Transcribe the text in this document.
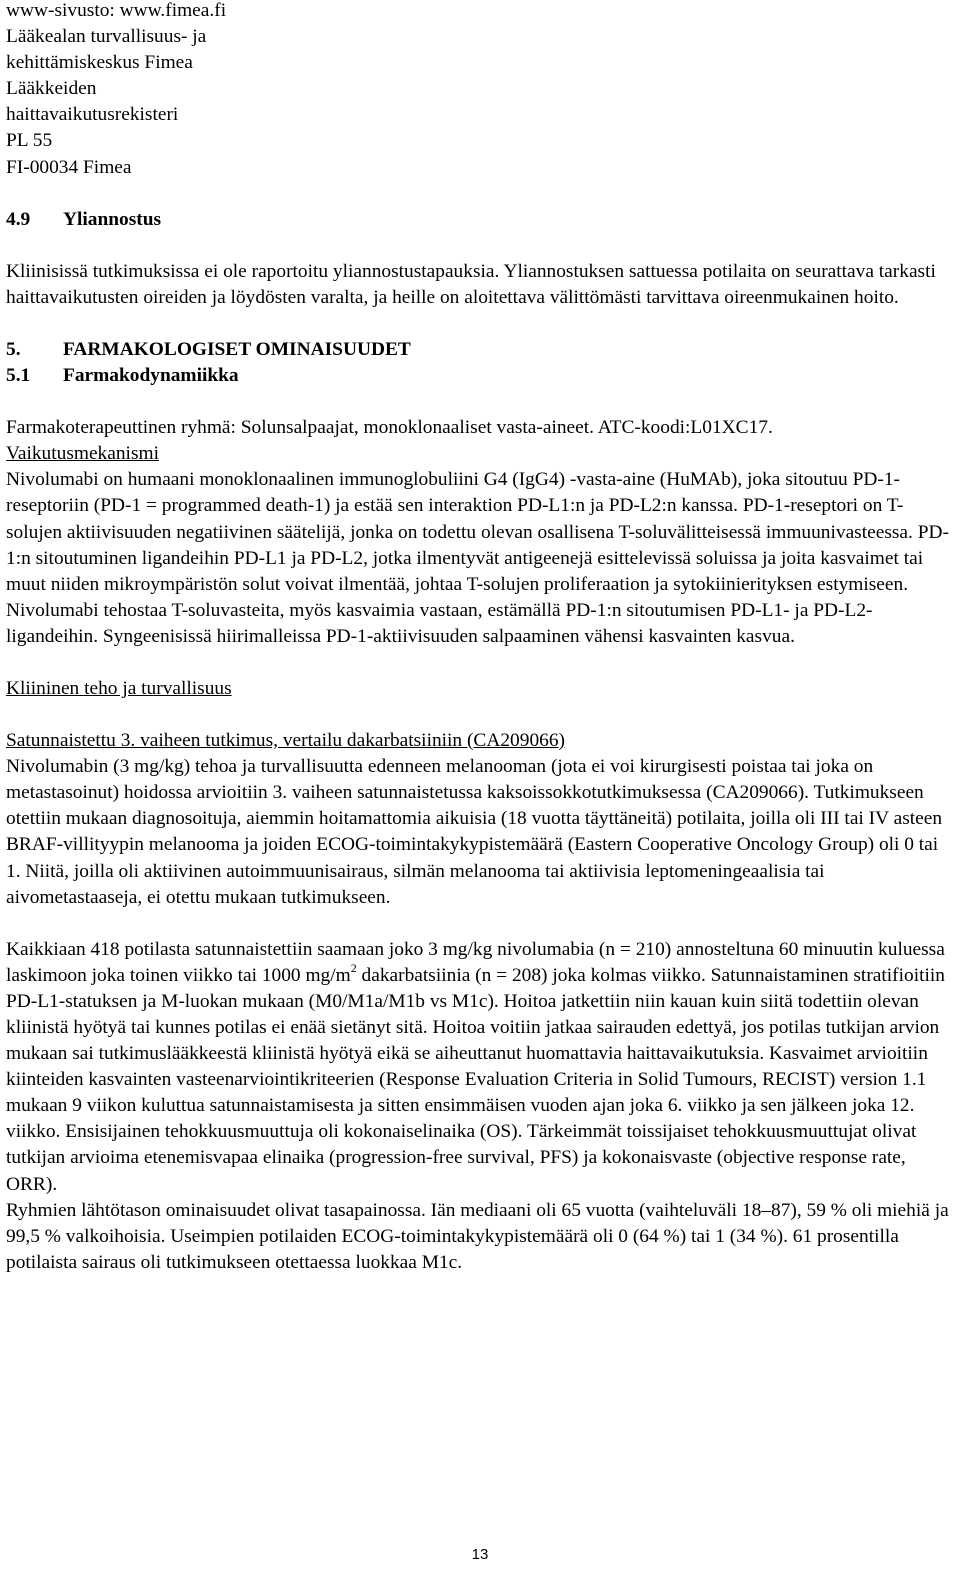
www-sivusto: www.fimea.fi

Lääkealan turvallisuus- ja

kehittämiskeskus Fimea

Lääkkeiden

haittavaikutusrekisteri

PL 55

FI-00034 Fimea

4.9 Yliannostus

Kliinisissä tutkimuksissa ei ole raportoitu yliannostustapauksia. Yliannostuksen sattuessa potilaita on seurattava tarkasti haittavaikutusten oireiden ja löydösten varalta, ja heille on aloitettava välittömästi tarvittava oireenmukainen hoito.

5. FARMAKOLOGISET OMINAISUUDET

5.1 Farmakodynamiikka

Farmakoterapeuttinen ryhmä: Solunsalpaajat, monoklonaaliset vasta-aineet. ATC-koodi:L01XC17.

Vaikutusmekanismi

Nivolumabi on humaani monoklonaalinen immunoglobuliini G4 (IgG4) -vasta-aine (HuMAb), joka sitoutuu PD-1-reseptoriin (PD-1 = programmed death-1) ja estää sen interaktion PD-L1:n ja PD-L2:n kanssa. PD-1-reseptori on T-solujen aktiivisuuden negatiivinen säätelijä, jonka on todettu olevan osallisena T-soluvälitteisessä immuunivasteessa. PD-1:n sitoutuminen ligandeihin PD-L1 ja PD-L2, jotka ilmentyvät antigeenejä esittelevissä soluissa ja joita kasvaimet tai muut niiden mikroympäristön solut voivat ilmentää, johtaa T-solujen proliferaation ja sytokiinierityksen estymiseen. Nivolumabi tehostaa T-soluvasteita, myös kasvaimia vastaan, estämällä PD-1:n sitoutumisen PD-L1- ja PD-L2-ligandeihin. Syngeenisissä hiirimalleissa PD-1-aktiivisuuden salpaaminen vähensi kasvainten kasvua.

Kliininen teho ja turvallisuus

Satunnaistettu 3. vaiheen tutkimus, vertailu dakarbatsiiniin (CA209066)

Nivolumabin (3 mg/kg) tehoa ja turvallisuutta edenneen melanooman (jota ei voi kirurgisesti poistaa tai joka on metastasoinut) hoidossa arvioitiin 3. vaiheen satunnaistetussa kaksoissokkotutkimuksessa (CA209066). Tutkimukseen otettiin mukaan diagnosoituja, aiemmin hoitamattomia aikuisia (18 vuotta täyttäneitä) potilaita, joilla oli III tai IV asteen BRAF-villityypin melanooma ja joiden ECOG-toimintakykypistemäärä (Eastern Cooperative Oncology Group) oli 0 tai 1. Niitä, joilla oli aktiivinen autoimmuunisairaus, silmän melanooma tai aktiivisia leptomeningeaalisia tai aivometastaaseja, ei otettu mukaan tutkimukseen.

Kaikkiaan 418 potilasta satunnaistettiin saamaan joko 3 mg/kg nivolumabia (n = 210) annosteltuna 60 minuutin kuluessa laskimoon joka toinen viikko tai 1000 $mg/m^2$ dakarbatsiinia (n = 208) joka kolmas viikko. Satunnaistaminen stratifioitiin PD-L1-statuksen ja M-luokan mukaan (M0/M1a/M1b vs M1c). Hoitoa jatkettiin niin kauan kuin siitä todettiin olevan kliinistä hyötyä tai kunnes potilas ei enää sietänyt sitä. Hoitoa voitiin jatkaa sairauden edettyä, jos potilas tutkijan arvion mukaan sai tutkimuslääkkeestä kliinistä hyötyä eikä se aiheuttanut huomattavia haittavaikutuksia. Kasvaimet arvioitiin kiinteiden kasvainten vasteenarviointikriteerien (Response Evaluation Criteria in Solid Tumours, RECIST) version 1.1 mukaan 9 viikon kuluttua satunnaistamisesta ja sitten ensimmäisen vuoden ajan joka 6. viikko ja sen jälkeen joka 12. viikko. Ensisijainen tehokkuusmuuttuja oli kokonaiselinaika (OS). Tärkeimmät toissijaiset tehokkuusmuuttujat olivat tutkijan arvioima etenemisvapaa elinaika (progression-free survival, PFS) ja kokonaisvaste (objective response rate, ORR).

Ryhmien lähtötason ominaisuudet olivat tasapainossa. Iän mediaani oli 65 vuotta (vaihteluväli 18–87), 59 % oli miehiä ja 99,5 % valkoihoisia. Useimpien potilaiden ECOG-toimintakykypistemäärä oli 0 (64 %) tai 1 (34 %). 61 prosentilla potilaista sairaus oli tutkimukseen otettaessa luokkaa M1c.

13
